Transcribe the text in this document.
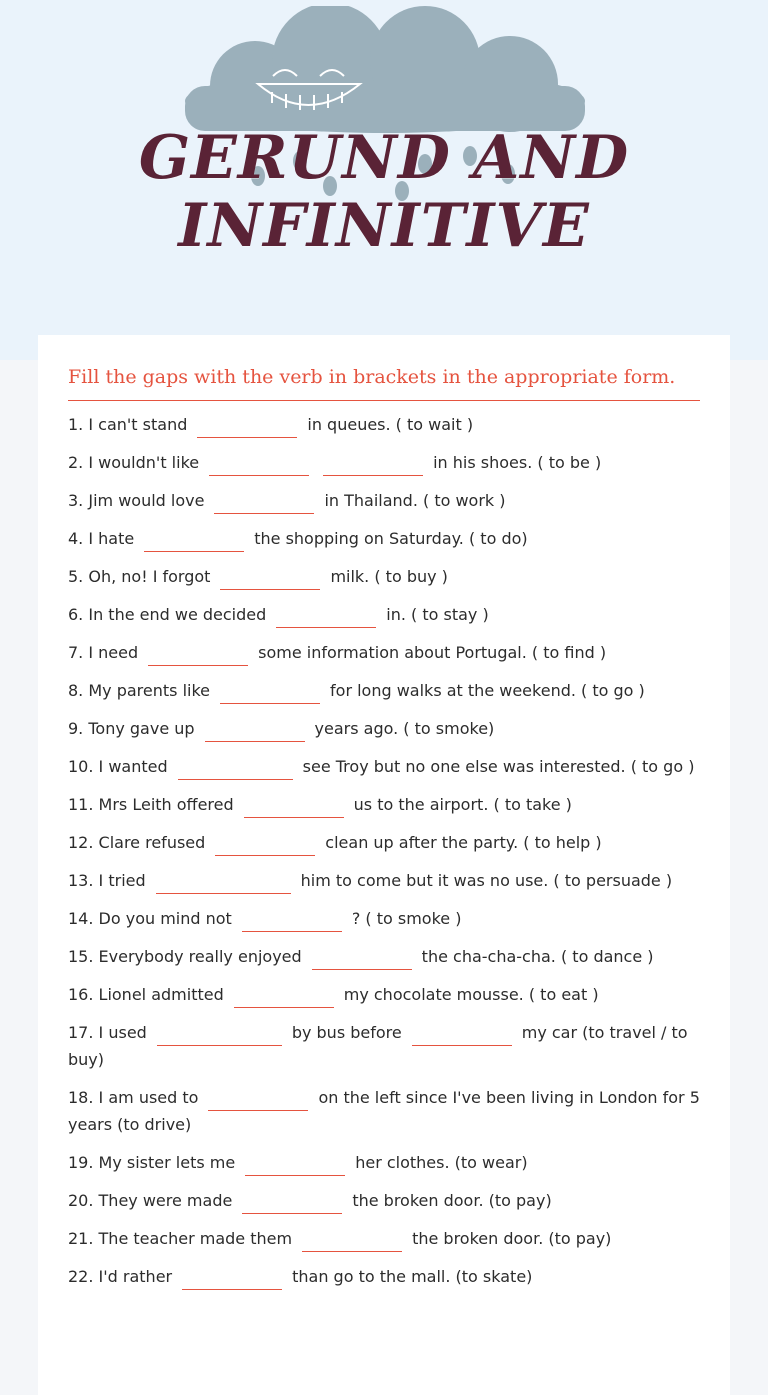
GERUND AND
INFINITIVE
Fill the gaps with the verb in brackets in the appropriate form.
1. I can't stand	in queues. ( to wait )
2. I wouldn't like	in his shoes. ( to be )
3. Jim would love	in Thailand. ( to work )
4. I hate	the shopping on Saturday. ( to do)
5. Oh, no! I forgot	milk. ( to buy )
6. In the end we decided	in. ( to stay )
7. I need	some information about Portugal. ( to find )
8. My parents like	for long walks at the weekend. ( to go )
9. Tony gave up	years ago. ( to smoke)
10. I wanted	see Troy but no one else was interested. ( to go )
11. Mrs Leith offered	us to the airport. ( to take )
12. Clare refused	clean up after the party. ( to help )
13. I tried	him to come but it was no use. ( to persuade )
14. Do you mind not	? ( to smoke )
15. Everybody really enjoyed	the cha-cha-cha. ( to dance )
16. Lionel admitted	my chocolate mousse. ( to eat )
17. I used	by bus before	my car (to travel / to buy)
18. I am used to	on the left since I've been living in London for 5 years (to drive)
19. My sister lets me	her clothes. (to wear)
20. They were made	the broken door. (to pay)
21. The teacher made them	the broken door. (to pay)
22. I'd rather	than go to the mall. (to skate)
